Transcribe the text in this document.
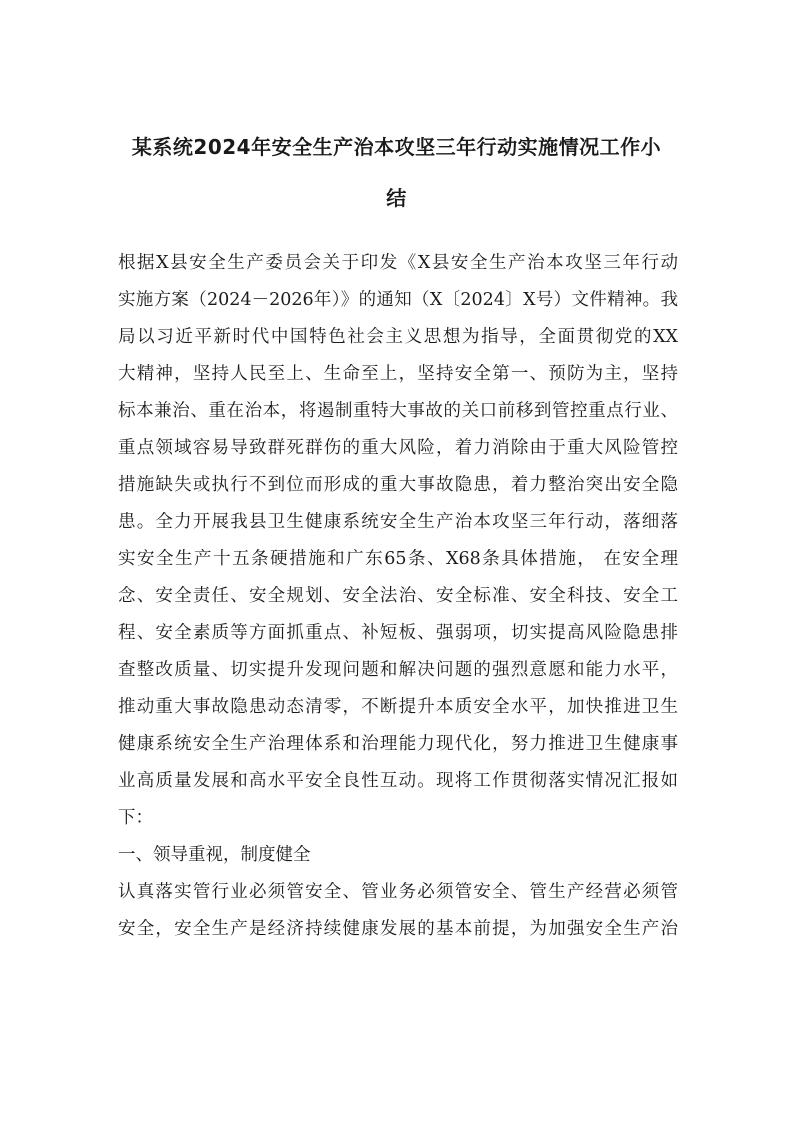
某系统2024年安全生产治本攻坚三年行动实施情况工作小
结

根据X县安全生产委员会关于印发《X县安全生产治本攻坚三年行动

实施方案（2024－2026年）》的通知（X〔2024〕X号）文件精神。我

局以习近平新时代中国特色社会主义思想为指导，全面贯彻党的XX

大精神，坚持人民至上、生命至上，坚持安全第一、预防为主，坚持

标本兼治、重在治本，将遏制重特大事故的关口前移到管控重点行业、

重点领域容易导致群死群伤的重大风险，着力消除由于重大风险管控

措施缺失或执行不到位而形成的重大事故隐患，着力整治突出安全隐

患。全力开展我县卫生健康系统安全生产治本攻坚三年行动，落细落

实安全生产十五条硬措施和广东65条、X68条具体措施， 在安全理

念、安全责任、安全规划、安全法治、安全标准、安全科技、安全工

程、安全素质等方面抓重点、补短板、强弱项，切实提高风险隐患排

查整改质量、切实提升发现问题和解决问题的强烈意愿和能力水平，

推动重大事故隐患动态清零，不断提升本质安全水平，加快推进卫生

健康系统安全生产治理体系和治理能力现代化，努力推进卫生健康事

业高质量发展和高水平安全良性互动。现将工作贯彻落实情况汇报如

下：

一、领导重视，制度健全

认真落实管行业必须管安全、管业务必须管安全、管生产经营必须管

安全，安全生产是经济持续健康发展的基本前提，为加强安全生产治
